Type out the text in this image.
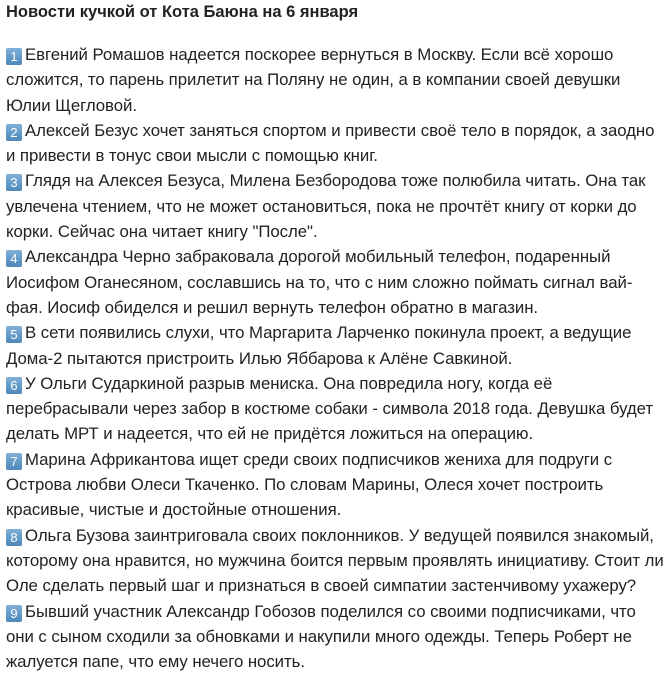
Новости кучкой от Кота Баюна на 6 января

1 Евгений Ромашов надеется поскорее вернуться в Москву. Если всё хорошо сложится, то парень прилетит на Поляну не один, а в компании своей девушки Юлии Щегловой.

2 Алексей Безус хочет заняться спортом и привести своё тело в порядок, а заодно и привести в тонус свои мысли с помощью книг.

3 Глядя на Алексея Безуса, Милена Безбородова тоже полюбила читать. Она так увлечена чтением, что не может остановиться, пока не прочтёт книгу от корки до корки. Сейчас она читает книгу "После".

4 Александра Черно забраковала дорогой мобильный телефон, подаренный Иосифом Оганесяном, сославшись на то, что с ним сложно поймать сигнал вай-фая. Иосиф обиделся и решил вернуть телефон обратно в магазин.

5 В сети появились слухи, что Маргарита Ларченко покинула проект, а ведущие Дома-2 пытаются пристроить Илью Яббарова к Алёне Савкиной.

6 У Ольги Сударкиной разрыв мениска. Она повредила ногу, когда её перебрасывали через забор в костюме собаки - символа 2018 года. Девушка будет делать МРТ и надеется, что ей не придётся ложиться на операцию.

7 Марина Африкантова ищет среди своих подписчиков жениха для подруги с Острова любви Олеси Ткаченко. По словам Марины, Олеся хочет построить красивые, чистые и достойные отношения.

8 Ольга Бузова заинтриговала своих поклонников. У ведущей появился знакомый, которому она нравится, но мужчина боится первым проявлять инициативу. Стоит ли Оле сделать первый шаг и признаться в своей симпатии застенчивому ухажеру?

9 Бывший участник Александр Гобозов поделился со своими подписчиками, что они с сыном сходили за обновками и накупили много одежды. Теперь Роберт не жалуется папе, что ему нечего носить.
